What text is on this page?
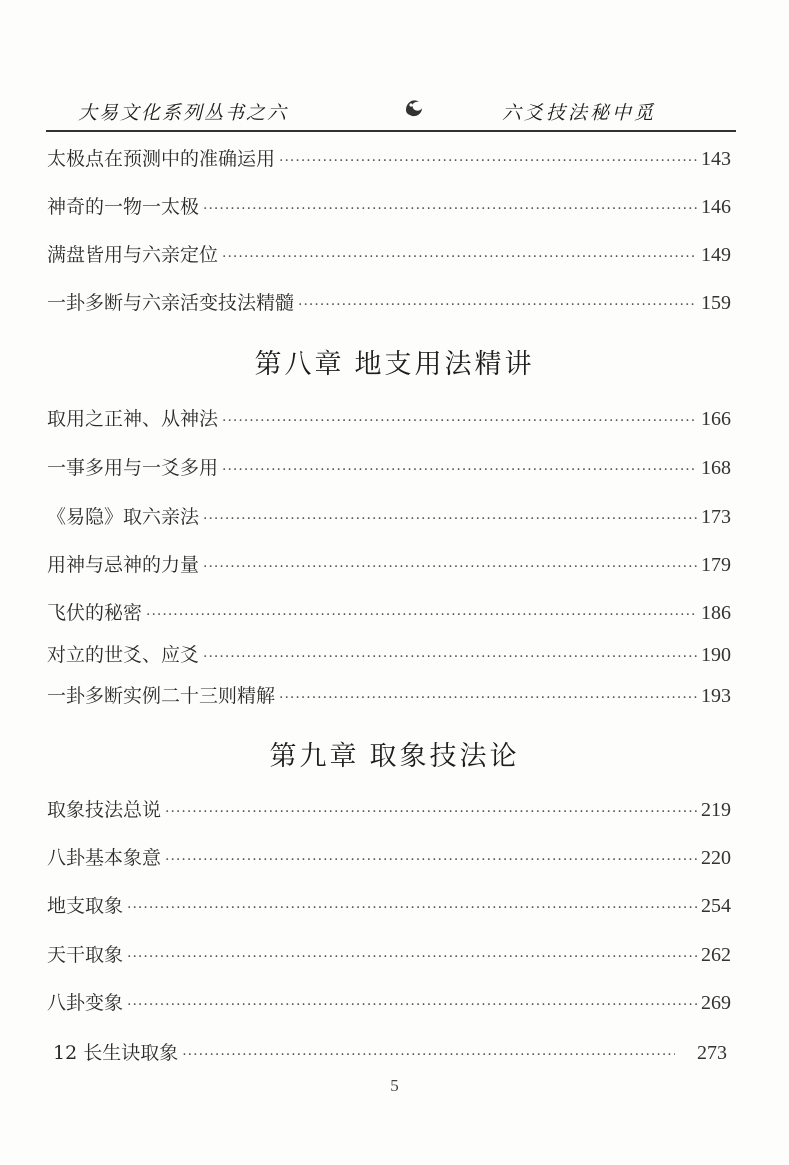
大易文化系列丛书之六	六爻技法秘中觅
太极点在预测中的准确运用 ·····	143
神奇的一物一太极 ·····	146
满盘皆用与六亲定位 ·····	149
一卦多断与六亲活变技法精髓 ·····	159
第八章 地支用法精讲
取用之正神、从神法 ·····	166
一事多用与一爻多用 ·····	168
《易隐》取六亲法 ·····	173
用神与忌神的力量 ·····	179
飞伏的秘密 ·····	186
对立的世爻、应爻 ·····	190
一卦多断实例二十三则精解 ·····	193
第九章 取象技法论
取象技法总说 ·····	219
八卦基本象意 ·····	220
地支取象 ·····	254
天干取象 ·····	262
八卦变象 ·····	269
12 长生诀取象 ·····	273
5
